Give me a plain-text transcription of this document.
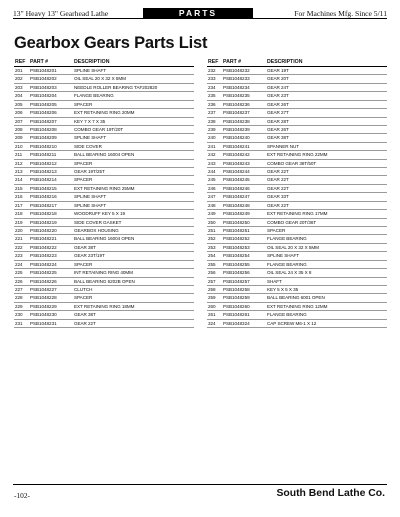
13" Heavy 13" Gearhead Lathe	PARTS	For Machines Mfg. Since 5/11
Gearbox Gears Parts List
REF	PART #	DESCRIPTION
201	PSB1048201	SPLINE SHAFT
202	PSB1048202	OIL SEAL 20 X 32 X 5MM
203	PSB1048203	NEEDLE ROLLER BEARING TAF202820
204	PSB1048204	FLANGE BEARING
205	PSB1048205	SPACER
206	PSB1048206	EXT RETAINING RING 20MM
207	PSB1048207	KEY 7 X 7 X 35
208	PSB1048208	COMBO GEAR 19T/20T
209	PSB1048209	SPLINE SHAFT
210	PSB1048210	SIDE COVER
211	PSB1048211	BALL BEARING 16004 OPEN
212	PSB1048212	SPACER
213	PSB1048213	GEAR 19T/25T
214	PSB1048214	SPACER
215	PSB1048215	EXT RETAINING RING 25MM
216	PSB1048216	SPLINE SHAFT
217	PSB1048217	SPLINE SHAFT
218	PSB1048218	WOODRUFF KEY 5 X 19
219	PSB1048219	SIDE COVER GASKET
220	PSB1048220	GEARBOX HOUSING
221	PSB1048221	BALL BEARING 16004 OPEN
222	PSB1048222	GEAR 38T
223	PSB1048223	GEAR 23T/19T
224	PSB1048224	SPACER
225	PSB1048225	INT RETAINING RING 40MM
226	PSB1048226	BALL BEARING 6202B OPEN
227	PSB1048227	CLUTCH
228	PSB1048228	SPACER
229	PSB1048229	EXT RETAINING RING 18MM
230	PSB1048230	GEAR 38T
231	PSB1048231	GEAR 22T
REF	PART #	DESCRIPTION
232	PSB1048232	GEAR 19T
233	PSB1048233	GEAR 20T
234	PSB1048234	GEAR 24T
235	PSB1048235	GEAR 23T
236	PSB1048236	GEAR 26T
237	PSB1048237	GEAR 27T
238	PSB1048238	GEAR 28T
239	PSB1048239	GEAR 26T
240	PSB1048240	GEAR 38T
241	PSB1048241	SPANNER NUT
242	PSB1048242	EXT RETAINING RING 22MM
243	PSB1048243	COMBO GEAR 38T/50T
244	PSB1048244	GEAR 22T
245	PSB1048245	GEAR 22T
246	PSB1048246	GEAR 22T
247	PSB1048247	GEAR 33T
248	PSB1048248	GEAR 22T
249	PSB1048249	EXT RETAINING RING 17MM
250	PSB1048250	COMBO GEAR 20T/36T
251	PSB1048251	SPACER
252	PSB1048252	FLANGE BEARING
253	PSB1048253	OIL SEAL 20 X 32 X 5MM
254	PSB1048254	SPLINE SHAFT
255	PSB1048255	FLANGE BEARING
256	PSB1048256	OIL SEAL 24 X 35 X 8
257	PSB1048257	SHAFT
258	PSB1048258	KEY 5 X 5 X 35
259	PSB1048259	BALL BEARING 6001 OPEN
260	PSB1048260	EXT RETAINING RING 12MM
261	PSB1048261	FLANGE BEARING
324	PSB1048324	CAP SCREW M6-1 X 12
-102-	South Bend Lathe Co.
